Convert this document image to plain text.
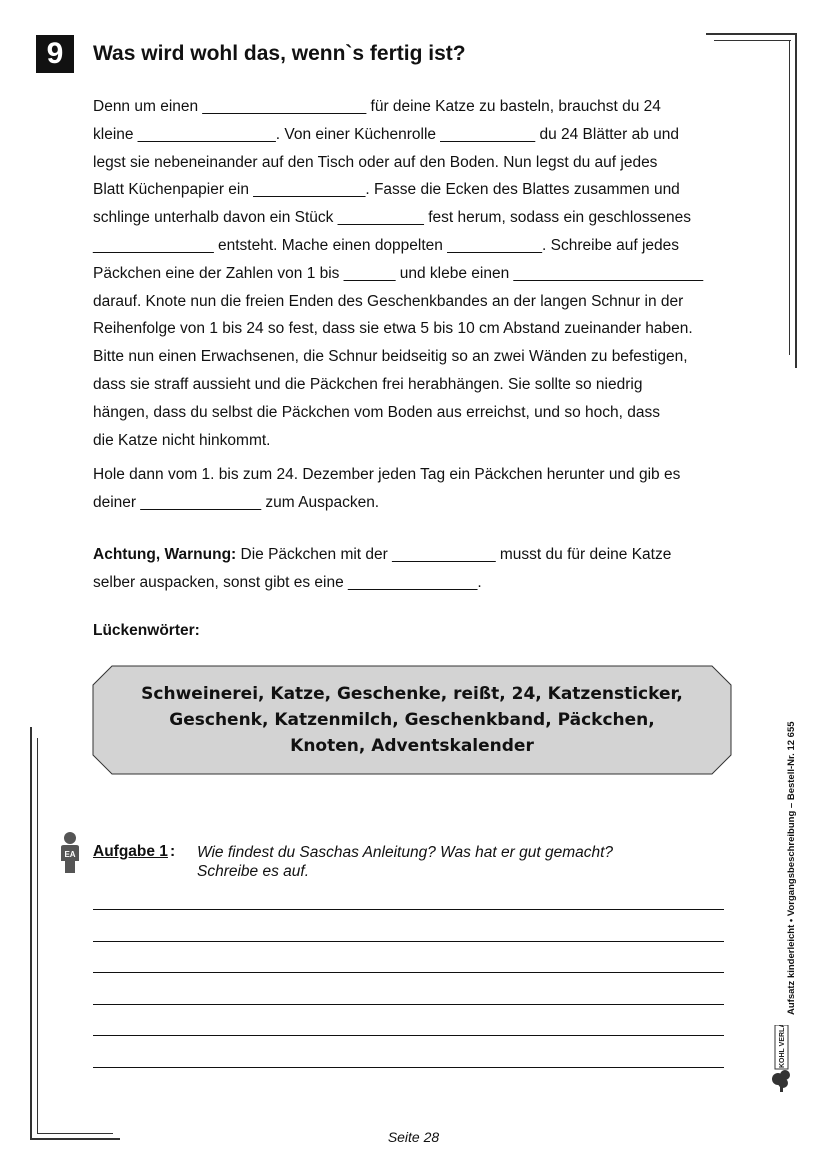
9	Was wird wohl das, wenn`s fertig ist?

Denn um einen ___________________ für deine Katze zu basteln, brauchst du 24

kleine ________________. Von einer Küchenrolle ___________ du 24 Blätter ab und

legst sie nebeneinander auf den Tisch oder auf den Boden. Nun legst du auf jedes

Blatt Küchenpapier ein _____________. Fasse die Ecken des Blattes zusammen und

schlinge unterhalb davon ein Stück __________ fest herum, sodass ein geschlossenes

______________ entsteht. Mache einen doppelten ___________. Schreibe auf jedes

Päckchen eine der Zahlen von 1 bis ______ und klebe einen ______________________

darauf. Knote nun die freien Enden des Geschenkbandes an der langen Schnur in der

Reihenfolge von 1 bis 24 so fest, dass sie etwa 5 bis 10 cm Abstand zueinander haben.

Bitte nun einen Erwachsenen, die Schnur beidseitig so an zwei Wänden zu befestigen,

dass sie straff aussieht und die Päckchen frei herabhängen. Sie sollte so niedrig

hängen, dass du selbst die Päckchen vom Boden aus erreichst, und so hoch, dass

die Katze nicht hinkommt.

Hole dann vom 1. bis zum 24. Dezember jeden Tag ein Päckchen herunter und gib es

deiner ______________ zum Auspacken.

Achtung, Warnung: Die Päckchen mit der ____________ musst du für deine Katze

selber auspacken, sonst gibt es eine _______________.

Lückenwörter:
Schweinerei, Katze, Geschenke, reißt, 24, Katzensticker,
Geschenk, Katzenmilch, Geschenkband, Päckchen,
Knoten, Adventskalender
EA Aufgabe 1 : Wie findest du Saschas Anleitung? Was hat er gut gemacht?

Schreibe es auf.	Aufsatz kinderleicht • Vorgangsbeschreibung – Bestell-Nr. 12 655
KOHL VERLAG
Seite 28
